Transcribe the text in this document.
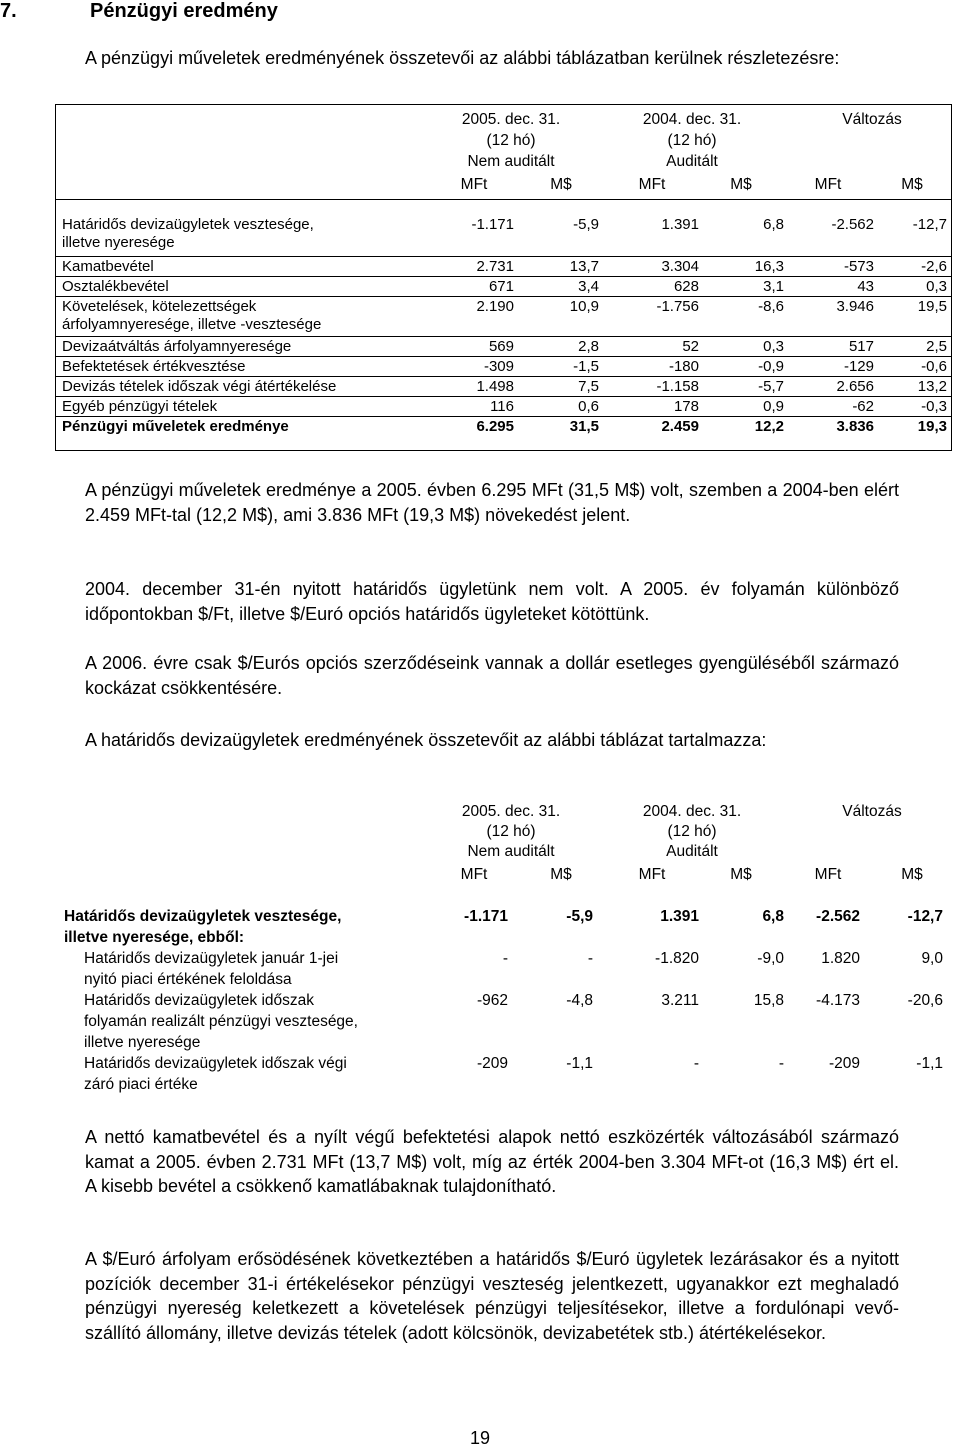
7.	Pénzügyi eredmény
A pénzügyi műveletek eredményének összetevői az alábbi táblázatban kerülnek részletezésre:
2005. dec. 31.
(12 hó)
Nem auditált
2004. dec. 31.
(12 hó)
Auditált
Változás
MFt	M$	MFt	M$	MFt	M$
Határidős devizaügyletek vesztesége,
illetve nyeresége
-1.171	-5,9	1.391	6,8	-2.562	-12,7
Kamatbevétel	2.731	13,7	3.304	16,3	-573	-2,6
Osztalékbevétel	671	3,4	628	3,1	43	0,3
Követelések, kötelezettségek
árfolyamnyeresége, illetve -vesztesége
2.190	10,9	-1.756	-8,6	3.946	19,5
Devizaátváltás árfolyamnyeresége	569	2,8	52	0,3	517	2,5
Befektetések értékvesztése	-309	-1,5	-180	-0,9	-129	-0,6
Devizás tételek időszak végi átértékelése	1.498	7,5	-1.158	-5,7	2.656	13,2
Egyéb pénzügyi tételek	116	0,6	178	0,9	-62	-0,3
Pénzügyi műveletek eredménye	6.295	31,5	2.459	12,2	3.836	19,3
A pénzügyi műveletek eredménye a 2005. évben 6.295 MFt (31,5 M$) volt, szemben a 2004-ben elért 2.459 MFt-tal (12,2 M$), ami 3.836 MFt (19,3 M$) növekedést jelent.
2004. december 31-én nyitott határidős ügyletünk nem volt. A 2005. év folyamán különböző időpontokban $/Ft, illetve $/Euró opciós határidős ügyleteket kötöttünk.
A 2006. évre csak $/Eurós opciós szerződéseink vannak a dollár esetleges gyengüléséből származó kockázat csökkentésére.
A határidős devizaügyletek eredményének összetevőit az alábbi táblázat tartalmazza:
2005. dec. 31.
(12 hó)
Nem auditált
2004. dec. 31.
(12 hó)
Auditált
Változás
MFt	M$	MFt	M$	MFt	M$
Határidős devizaügyletek vesztesége,
illetve nyeresége, ebből:
-1.171	-5,9	1.391	6,8	-2.562	-12,7
Határidős devizaügyletek január 1-jei
nyitó piaci értékének feloldása
-	-	-1.820	-9,0	1.820	9,0
Határidős devizaügyletek időszak
folyamán realizált pénzügyi vesztesége,
illetve nyeresége
-962	-4,8	3.211	15,8	-4.173	-20,6
Határidős devizaügyletek időszak végi
záró piaci értéke
-209	-1,1	-	-	-209	-1,1
A nettó kamatbevétel és a nyílt végű befektetési alapok nettó eszközérték változásából származó kamat a 2005. évben 2.731 MFt (13,7 M$) volt, míg az érték 2004-ben 3.304 MFt-ot (16,3 M$) ért el. A kisebb bevétel a csökkenő kamatlábaknak tulajdonítható.
A $/Euró árfolyam erősödésének következtében a határidős $/Euró ügyletek lezárásakor és a nyitott pozíciók december 31-i értékelésekor pénzügyi veszteség jelentkezett, ugyanakkor ezt meghaladó pénzügyi nyereség keletkezett a követelések pénzügyi teljesítésekor, illetve a fordulónapi vevő-szállító állomány, illetve devizás tételek (adott kölcsönök, devizabetétek stb.) átértékelésekor.
19
